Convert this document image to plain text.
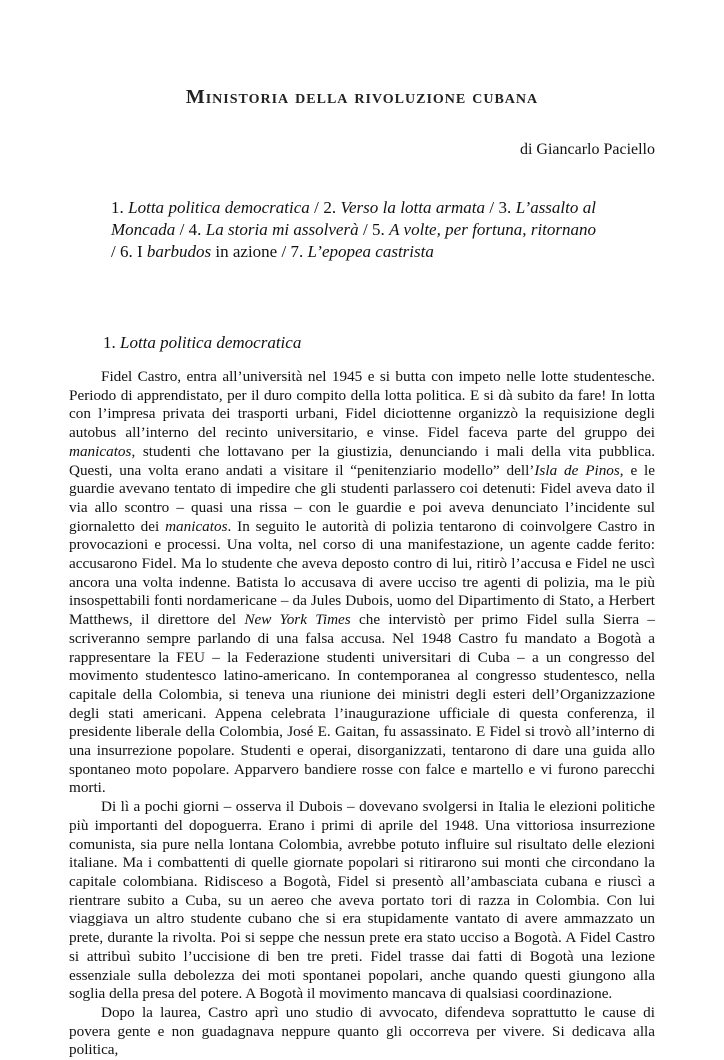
Ministoria della rivoluzione cubana
di Giancarlo Paciello
1. Lotta politica democratica / 2. Verso la lotta armata / 3. L’assalto al Moncada / 4. La storia mi assolverà / 5. A volte, per fortuna, ritornano / 6. I barbudos in azione / 7. L’epopea castrista
1. Lotta politica democratica

Fidel Castro, entra all’università nel 1945 e si butta con impeto nelle lotte studentesche. Periodo di apprendistato, per il duro compito della lotta politica. E si dà subito da fare! In lotta con l’impresa privata dei trasporti urbani, Fidel diciottenne organizzò la requisizione degli autobus all’interno del recinto universitario, e vinse. Fidel faceva parte del gruppo dei manicatos, studenti che lottavano per la giustizia, denunciando i mali della vita pubblica. Questi, una volta erano andati a visitare il “penitenziario modello” dell’Isla de Pinos, e le guardie avevano tentato di impedire che gli studenti parlassero coi detenuti: Fidel aveva dato il via allo scontro – quasi una rissa – con le guardie e poi aveva denunciato l’incidente sul giornaletto dei manicatos. In seguito le autorità di polizia tentarono di coinvolgere Castro in provocazioni e processi. Una volta, nel corso di una manifestazione, un agente cadde ferito: accusarono Fidel. Ma lo studente che aveva deposto contro di lui, ritirò l’accusa e Fidel ne uscì ancora una volta indenne. Batista lo accusava di avere ucciso tre agenti di polizia, ma le più insospettabili fonti nordamericane – da Jules Dubois, uomo del Dipartimento di Stato, a Herbert Matthews, il direttore del New York Times che intervistò per primo Fidel sulla Sierra – scriveranno sempre parlando di una falsa accusa. Nel 1948 Castro fu mandato a Bogotà a rappresentare la FEU – la Federazione studenti universitari di Cuba – a un congresso del movimento studentesco latino-americano. In contemporanea al congresso studentesco, nella capitale della Colombia, si teneva una riunione dei ministri degli esteri dell’Organizzazione degli stati americani. Appena celebrata l’inaugurazione ufficiale di questa conferenza, il presidente liberale della Colombia, José E. Gaitan, fu assassinato. E Fidel si trovò all’interno di una insurrezione popolare. Studenti e operai, disorganizzati, tentarono di dare una guida allo spontaneo moto popolare. Apparvero bandiere rosse con falce e martello e vi furono parecchi morti.

Di lì a pochi giorni – osserva il Dubois – dovevano svolgersi in Italia le elezioni politiche più importanti del dopoguerra. Erano i primi di aprile del 1948. Una vittoriosa insurrezione comunista, sia pure nella lontana Colombia, avrebbe potuto influire sul risultato delle elezioni italiane. Ma i combattenti di quelle giornate popolari si ritirarono sui monti che circondano la capitale colombiana. Ridisceso a Bogotà, Fidel si presentò all’ambasciata cubana e riuscì a rientrare subito a Cuba, su un aereo che aveva portato tori di razza in Colombia. Con lui viaggiava un altro studente cubano che si era stupidamente vantato di avere ammazzato un prete, durante la rivolta. Poi si seppe che nessun prete era stato ucciso a Bogotà. A Fidel Castro si attribuì subito l’uccisione di ben tre preti. Fidel trasse dai fatti di Bogotà una lezione essenziale sulla debolezza dei moti spontanei popolari, anche quando questi giungono alla soglia della presa del potere. A Bogotà il movimento mancava di qualsiasi coordinazione.

Dopo la laurea, Castro aprì uno studio di avvocato, difendeva soprattutto le cause di povera gente e non guadagnava neppure quanto gli occorreva per vivere. Si dedicava alla politica,
